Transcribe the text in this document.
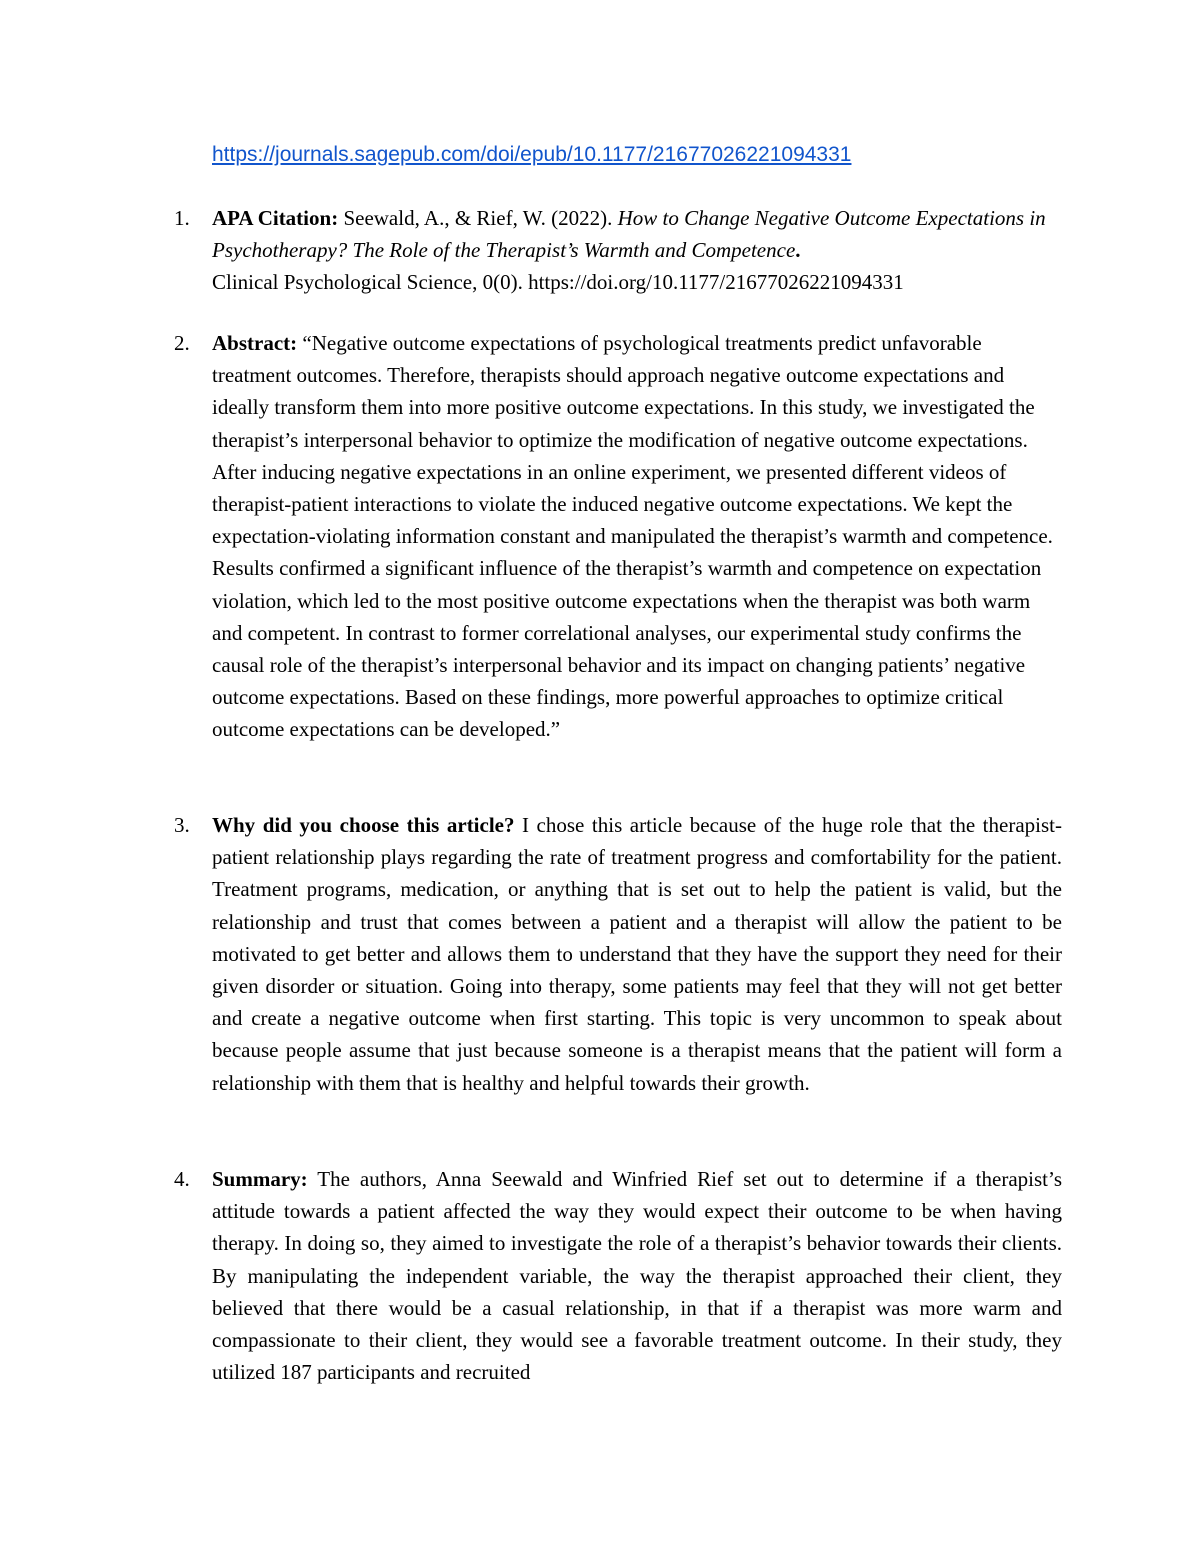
https://journals.sagepub.com/doi/epub/10.1177/21677026221094331
1. APA Citation: Seewald, A., & Rief, W. (2022). How to Change Negative Outcome Expectations in Psychotherapy? The Role of the Therapist’s Warmth and Competence.
Clinical Psychological Science, 0(0). https://doi.org/10.1177/21677026221094331

2. Abstract: “Negative outcome expectations of psychological treatments predict unfavorable treatment outcomes. Therefore, therapists should approach negative outcome expectations and ideally transform them into more positive outcome expectations. In this study, we investigated the therapist’s interpersonal behavior to optimize the modification of negative outcome expectations. After inducing negative expectations in an online experiment, we presented different videos of therapist-patient interactions to violate the induced negative outcome expectations. We kept the expectation-violating information constant and manipulated the therapist’s warmth and competence. Results confirmed a significant influence of the therapist’s warmth and competence on expectation violation, which led to the most positive outcome expectations when the therapist was both warm and competent. In contrast to former correlational analyses, our experimental study confirms the causal role of the therapist’s interpersonal behavior and its impact on changing patients’ negative outcome expectations. Based on these findings, more powerful approaches to optimize critical outcome expectations can be developed.”

3. Why did you choose this article? I chose this article because of the huge role that the therapist-patient relationship plays regarding the rate of treatment progress and comfortability for the patient. Treatment programs, medication, or anything that is set out to help the patient is valid, but the relationship and trust that comes between a patient and a therapist will allow the patient to be motivated to get better and allows them to understand that they have the support they need for their given disorder or situation. Going into therapy, some patients may feel that they will not get better and create a negative outcome when first starting. This topic is very uncommon to speak about because people assume that just because someone is a therapist means that the patient will form a relationship with them that is healthy and helpful towards their growth.

4. Summary: The authors, Anna Seewald and Winfried Rief set out to determine if a therapist’s attitude towards a patient affected the way they would expect their outcome to be when having therapy. In doing so, they aimed to investigate the role of a therapist’s behavior towards their clients. By manipulating the independent variable, the way the therapist approached their client, they believed that there would be a casual relationship, in that if a therapist was more warm and compassionate to their client, they would see a favorable treatment outcome. In their study, they utilized 187 participants and recruited
